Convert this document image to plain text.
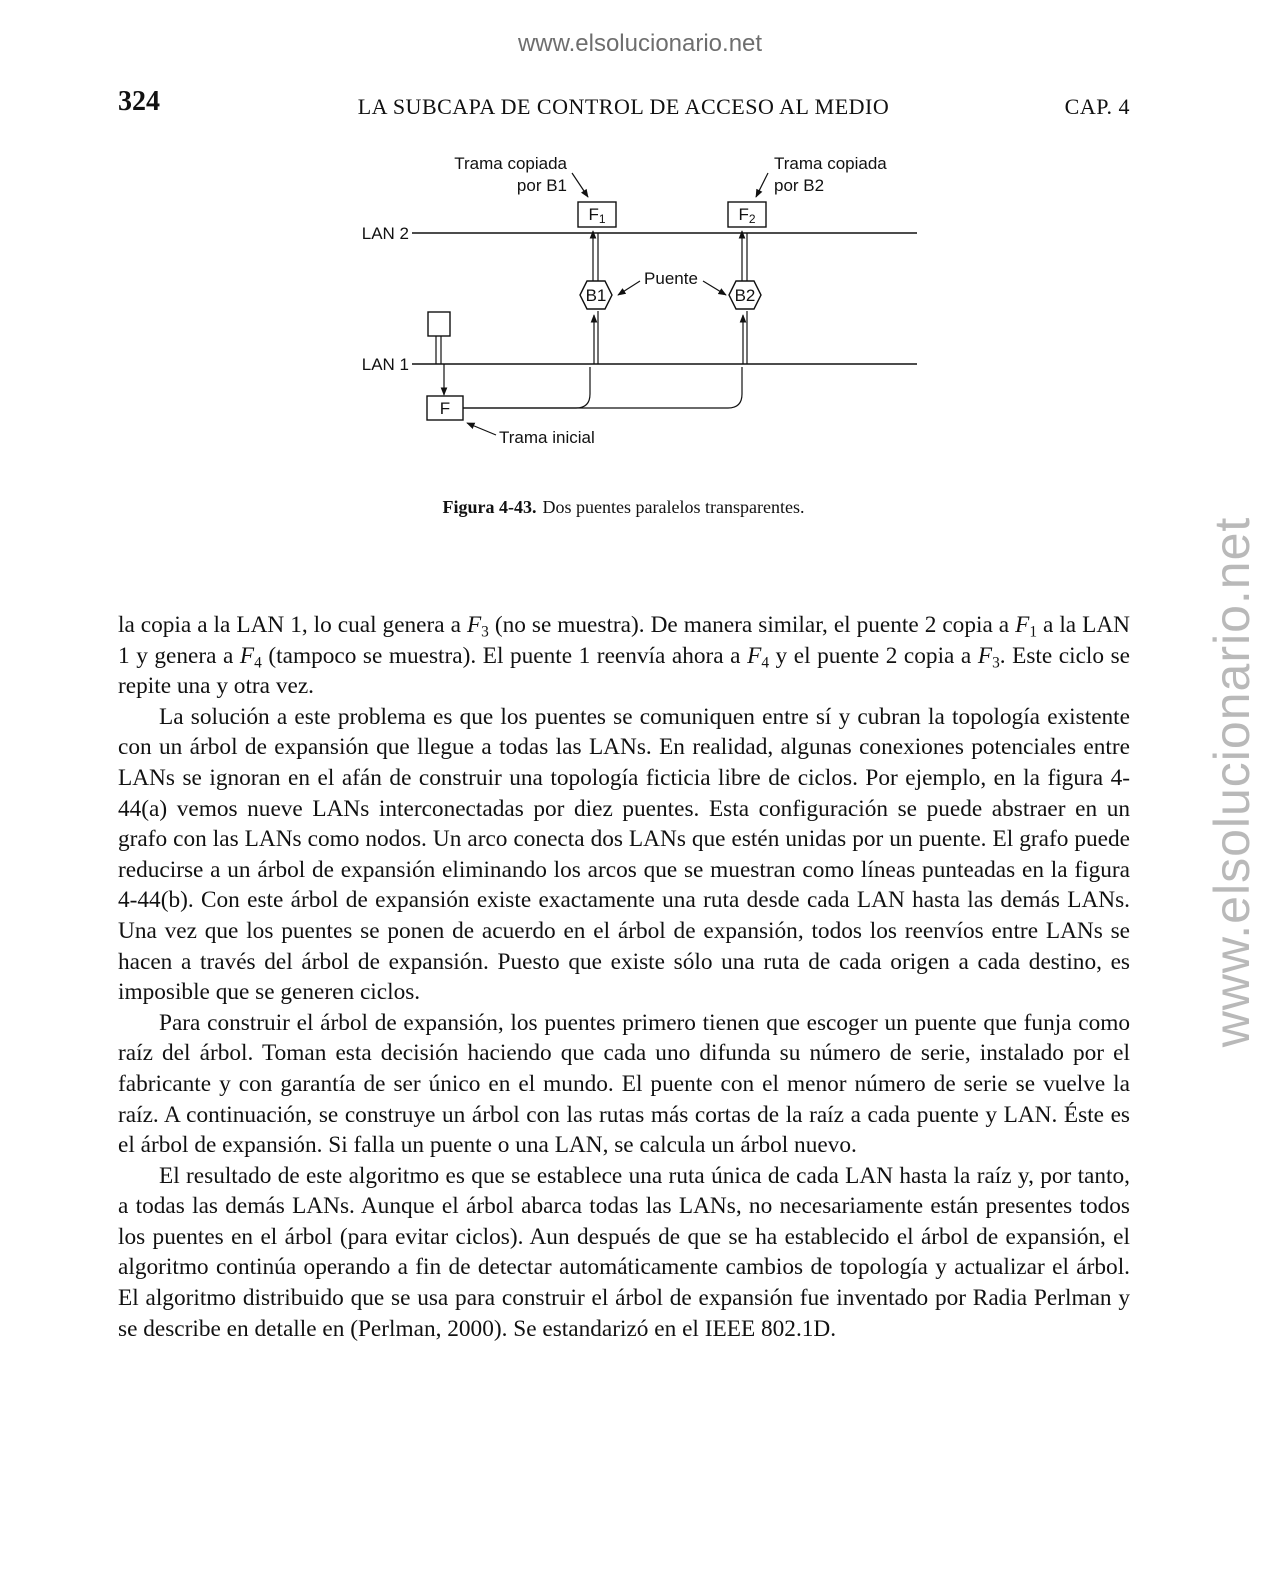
www.elsolucionario.net
www.elsolucionario.net
324	LA SUBCAPA DE CONTROL DE ACCESO AL MEDIO	CAP. 4
LAN 2
LAN 1
F
B1
F1
B2
F2
Puente
Trama copiada
por B1
Trama copiada
por B2
Trama inicial
Figura 4-43. Dos puentes paralelos transparentes.

la copia a la LAN 1, lo cual genera a $F_3$ (no se muestra). De manera similar, el puente 2 copia a $F_1$ a la LAN 1 y genera a $F_4$ (tampoco se muestra). El puente 1 reenvía ahora a $F_4$ y el puente 2 copia a $F_3$. Este ciclo se repite una y otra vez.

La solución a este problema es que los puentes se comuniquen entre sí y cubran la topología existente con un árbol de expansión que llegue a todas las LANs. En realidad, algunas conexiones potenciales entre LANs se ignoran en el afán de construir una topología ficticia libre de ciclos. Por ejemplo, en la figura 4-44(a) vemos nueve LANs interconectadas por diez puentes. Esta configuración se puede abstraer en un grafo con las LANs como nodos. Un arco conecta dos LANs que estén unidas por un puente. El grafo puede reducirse a un árbol de expansión eliminando los arcos que se muestran como líneas punteadas en la figura 4-44(b). Con este árbol de expansión existe exactamente una ruta desde cada LAN hasta las demás LANs. Una vez que los puentes se ponen de acuerdo en el árbol de expansión, todos los reenvíos entre LANs se hacen a través del árbol de expansión. Puesto que existe sólo una ruta de cada origen a cada destino, es imposible que se generen ciclos.

Para construir el árbol de expansión, los puentes primero tienen que escoger un puente que funja como raíz del árbol. Toman esta decisión haciendo que cada uno difunda su número de serie, instalado por el fabricante y con garantía de ser único en el mundo. El puente con el menor número de serie se vuelve la raíz. A continuación, se construye un árbol con las rutas más cortas de la raíz a cada puente y LAN. Éste es el árbol de expansión. Si falla un puente o una LAN, se calcula un árbol nuevo.

El resultado de este algoritmo es que se establece una ruta única de cada LAN hasta la raíz y, por tanto, a todas las demás LANs. Aunque el árbol abarca todas las LANs, no necesariamente están presentes todos los puentes en el árbol (para evitar ciclos). Aun después de que se ha establecido el árbol de expansión, el algoritmo continúa operando a fin de detectar automáticamente cambios de topología y actualizar el árbol. El algoritmo distribuido que se usa para construir el árbol de expansión fue inventado por Radia Perlman y se describe en detalle en (Perlman, 2000). Se estandarizó en el IEEE 802.1D.
